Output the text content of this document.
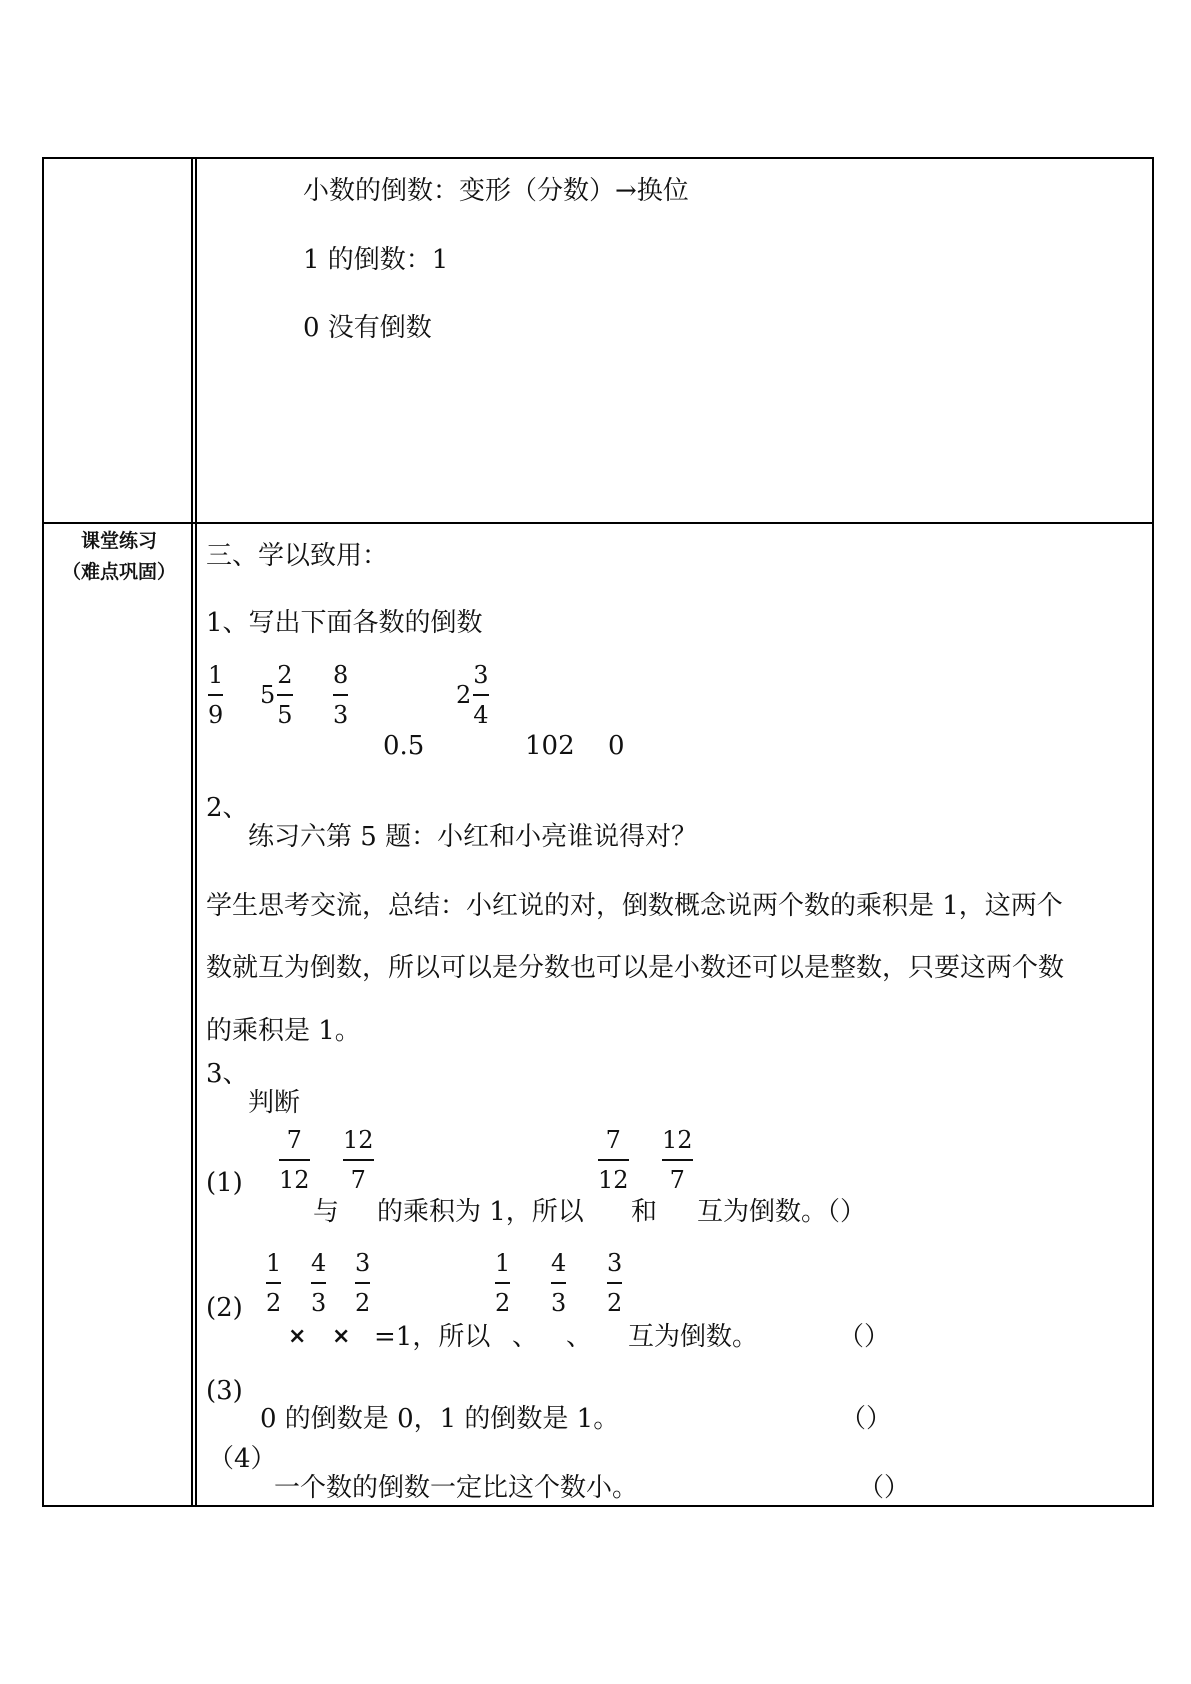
小数的倒数：变形（分数）→换位
1 的倒数：1
0 没有倒数
课堂练习
（难点巩固）
三、学以致用：
1、写出下面各数的倒数
1
9
$5 \frac{2}{5} 8$
3
$2 \frac{3}{4}$
0.5	102 0
2、
练习六第 5 题：小红和小亮谁说得对？
学生思考交流，总结：小红说的对，倒数概念说两个数的乘积是 1，这两个
数就互为倒数，所以可以是分数也可以是小数还可以是整数，只要这两个数
的乘积是 1。
3、
判断
(1)
7
12
12
7
7
12
12
7
与 的乘积为 1，所以 和 互为倒数。（）
(2)
1
2
4
3
3
2
1
2
4
3
3
2
× × =1，所以 、 、 互为倒数。	（）
(3)
0 的倒数是 0，1 的倒数是 1。	（）
（4）
一个数的倒数一定比这个数小。	（）
